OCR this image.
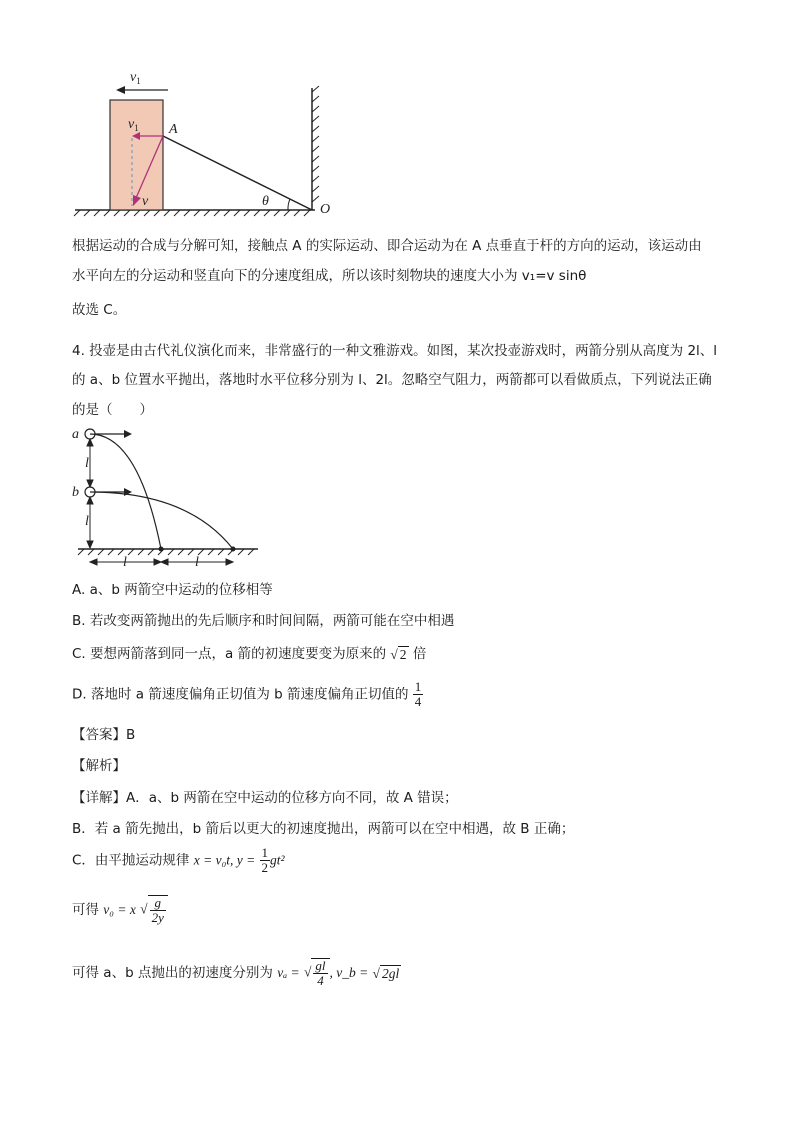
$v_1$
$v_1$ A
v	θ
O
根据运动的合成与分解可知，接触点 A 的实际运动、即合运动为在 A 点垂直于杆的方向的运动，该运动由
水平向左的分运动和竖直向下的分速度组成，所以该时刻物块的速度大小为 v₁=v sinθ
故选 C。
4. 投壶是由古代礼仪演化而来，非常盛行的一种文雅游戏。如图，某次投壶游戏时，两箭分别从高度为 2l、l
的 a、b 位置水平抛出，落地时水平位移分别为 l、2l。忽略空气阻力，两箭都可以看做质点，下列说法正确
的是（　　）
a
b
l
l
l	l
A. a、b 两箭空中运动的位移相等
B. 若改变两箭抛出的先后顺序和时间间隔，两箭可能在空中相遇
C. 要想两箭落到同一点，a 箭的初速度要变为原来的 √ 2 倍
D. 落地时 a 箭速度偏角正切值为 b 箭速度偏角正切值的 $\frac{1}{4}$
【答案】B
【解析】
【详解】A．a、b 两箭在空中运动的位移方向不同，故 A 错误；
B．若 a 箭先抛出，b 箭后以更大的初速度抛出，两箭可以在空中相遇，故 B 正确；
C．由平抛运动规律 x = v₀t, $y = \frac{1}{2} gt^2$
可得 v₀ = x √ $\frac{g}{2y}$
可得 a、b 点抛出的初速度分别为 vₐ = √ $\frac{gl}{4}$ , v_b = √ 2gl
